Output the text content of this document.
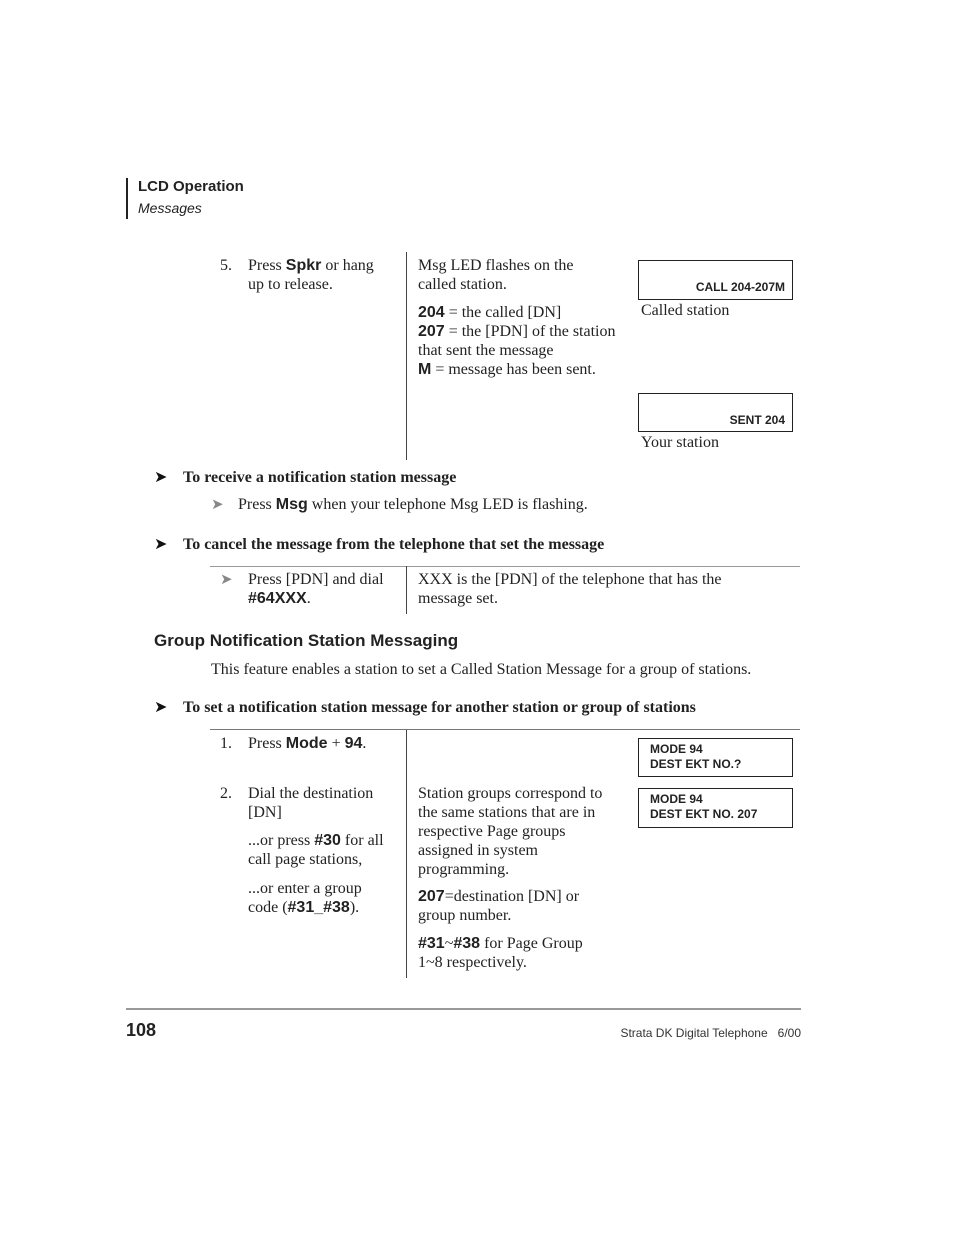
LCD Operation
Messages
5. Press Spkr or hang
up to release.
Msg LED flashes on the
called station.
204 = the called [DN]
207 = the [PDN] of the station
that sent the message
M = message has been sent.
CALL 204-207M
Called station
SENT 204
Your station
➤ To receive a notification station message
➤ Press Msg when your telephone Msg LED is flashing.
➤ To cancel the message from the telephone that set the message
➤ Press [PDN] and dial
#64XXX.
XXX is the [PDN] of the telephone that has the
message set.
Group Notification Station Messaging
This feature enables a station to set a Called Station Message for a group of stations.
➤ To set a notification station message for another station or group of stations
1. Press Mode + 94.	MODE 94
DEST EKT NO.?
2. Dial the destination
[DN]
...or press #30 for all
call page stations,
...or enter a group
code (#31_#38).
Station groups correspond to
the same stations that are in
respective Page groups
assigned in system
programming.
207=destination [DN] or
group number.
#31~#38 for Page Group
1~8 respectively.
MODE 94
DEST EKT NO. 207
108	Strata DK Digital Telephone   6/00
